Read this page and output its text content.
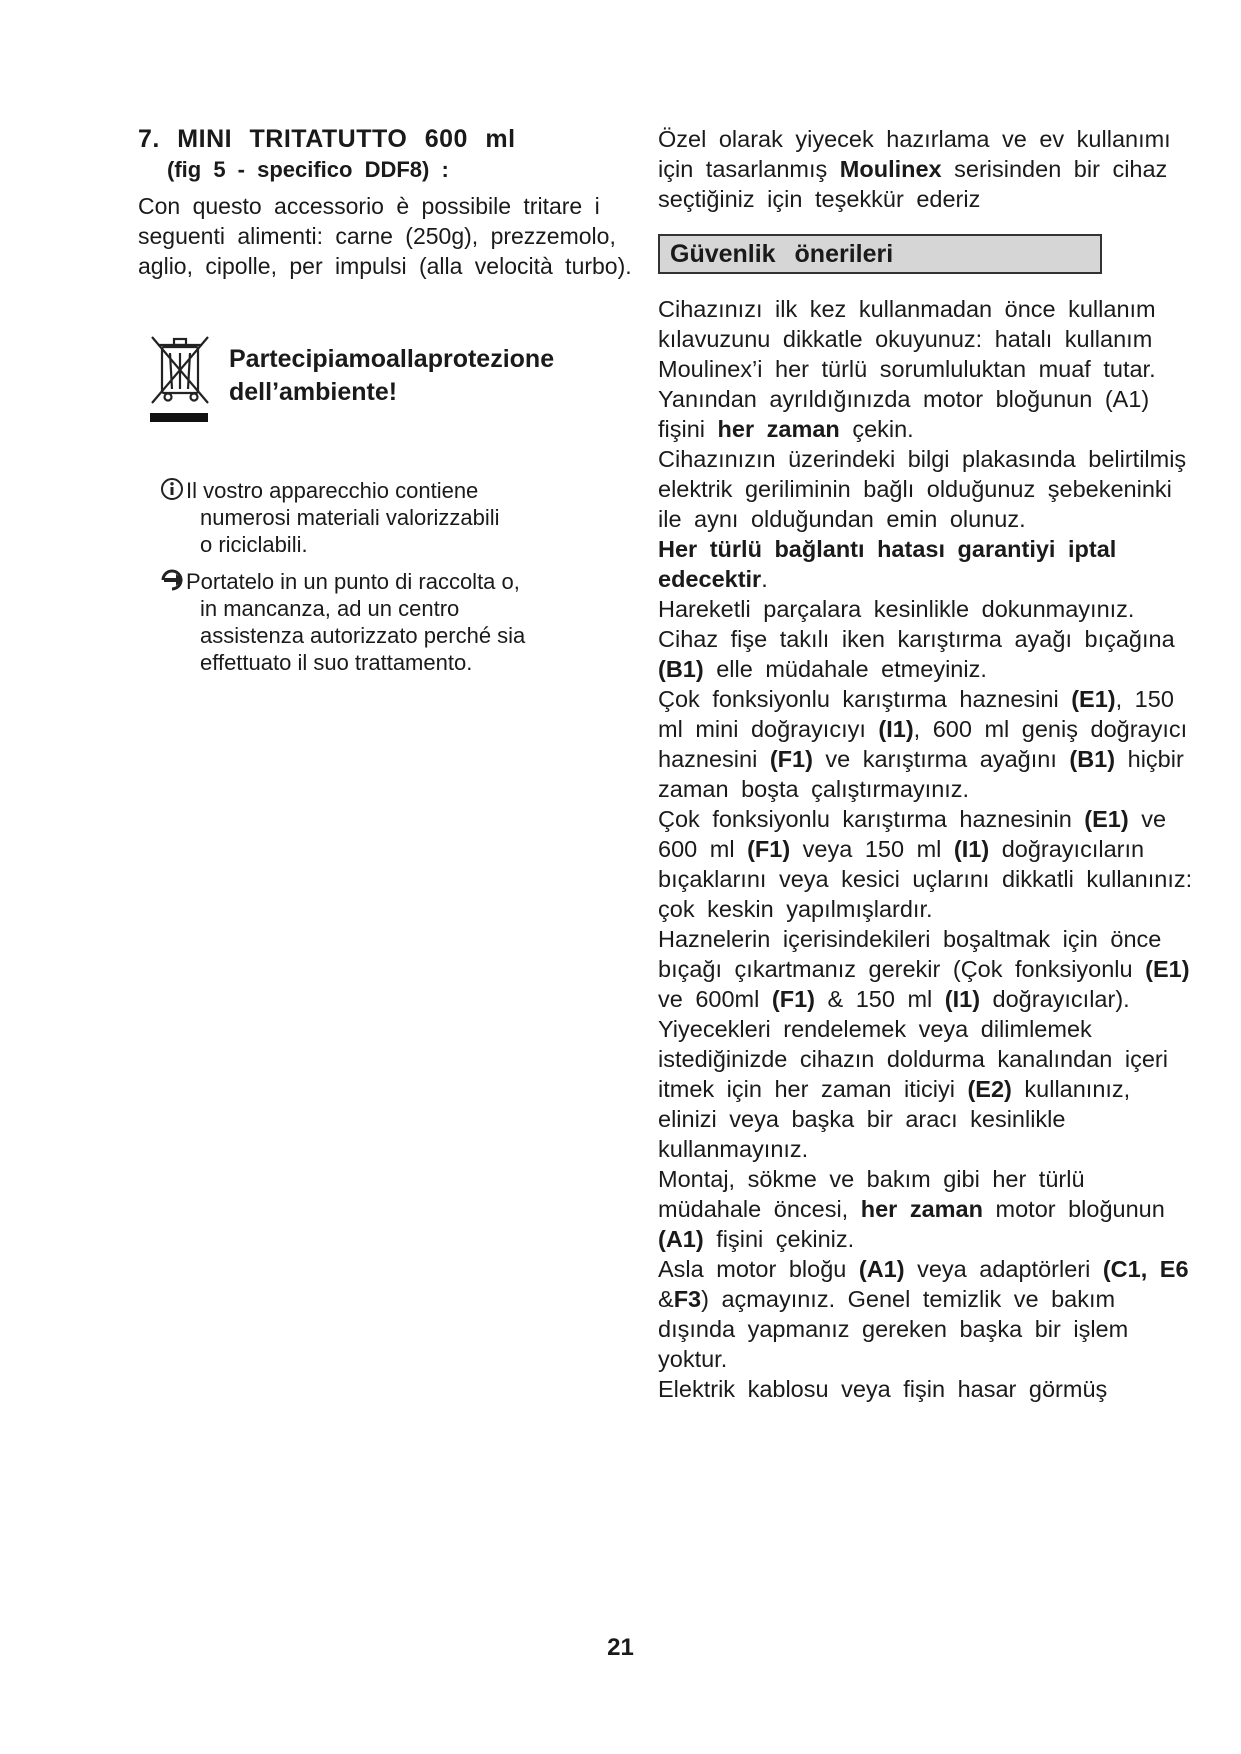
7. MINI TRITATUTTO 600 ml

(fig 5 - specifico DDF8) :

Con questo accessorio è possibile tritare i seguenti alimenti: carne (250g), prezzemolo, aglio, cipolle, per impulsi (alla velocità turbo).

Partecipiamoallaprotezione
dell’ambiente!
Il vostro apparecchio contiene
numerosi materiali valorizzabili
o riciclabili.
Portatelo in un punto di raccolta o,
in mancanza, ad un centro
assistenza autorizzato perché sia
effettuato il suo trattamento.

Özel olarak yiyecek hazırlama ve ev kullanımı için tasarlanmış Moulinex serisinden bir cihaz seçtiğiniz için teşekkür ederiz

Güvenlik önerileri

Cihazınızı ilk kez kullanmadan önce kullanım kılavuzunu dikkatle okuyunuz: hatalı kullanım Moulinex’i her türlü sorumluluktan muaf tutar.

Yanından ayrıldığınızda motor bloğunun (A1) fişini her zaman çekin.

Cihazınızın üzerindeki bilgi plakasında belirtilmiş elektrik geriliminin bağlı olduğunuz şebekeninki ile aynı olduğundan emin olunuz.

Her türlü bağlantı hatası garantiyi iptal edecektir.

Hareketli parçalara kesinlikle dokunmayınız. Cihaz fişe takılı iken karıştırma ayağı bıçağına (B1) elle müdahale etmeyiniz.

Çok fonksiyonlu karıştırma haznesini (E1), 150 ml mini doğrayıcıyı (I1), 600 ml geniş doğrayıcı haznesini (F1) ve karıştırma ayağını (B1) hiçbir zaman boşta çalıştırmayınız.

Çok fonksiyonlu karıştırma haznesinin (E1) ve 600 ml (F1) veya 150 ml (I1) doğrayıcıların bıçaklarını veya kesici uçlarını dikkatli kullanınız: çok keskin yapılmışlardır.

Haznelerin içerisindekileri boşaltmak için önce bıçağı çıkartmanız gerekir (Çok fonksiyonlu (E1) ve 600ml (F1) & 150 ml (I1) doğrayıcılar).

Yiyecekleri rendelemek veya dilimlemek istediğinizde cihazın doldurma kanalından içeri itmek için her zaman iticiyi (E2) kullanınız, elinizi veya başka bir aracı kesinlikle kullanmayınız.

Montaj, sökme ve bakım gibi her türlü müdahale öncesi, her zaman motor bloğunun (A1) fişini çekiniz.

Asla motor bloğu (A1) veya adaptörleri (C1, E6 &F3) açmayınız. Genel temizlik ve bakım dışında yapmanız gereken başka bir işlem yoktur.

Elektrik kablosu veya fişin hasar görmüş

21
